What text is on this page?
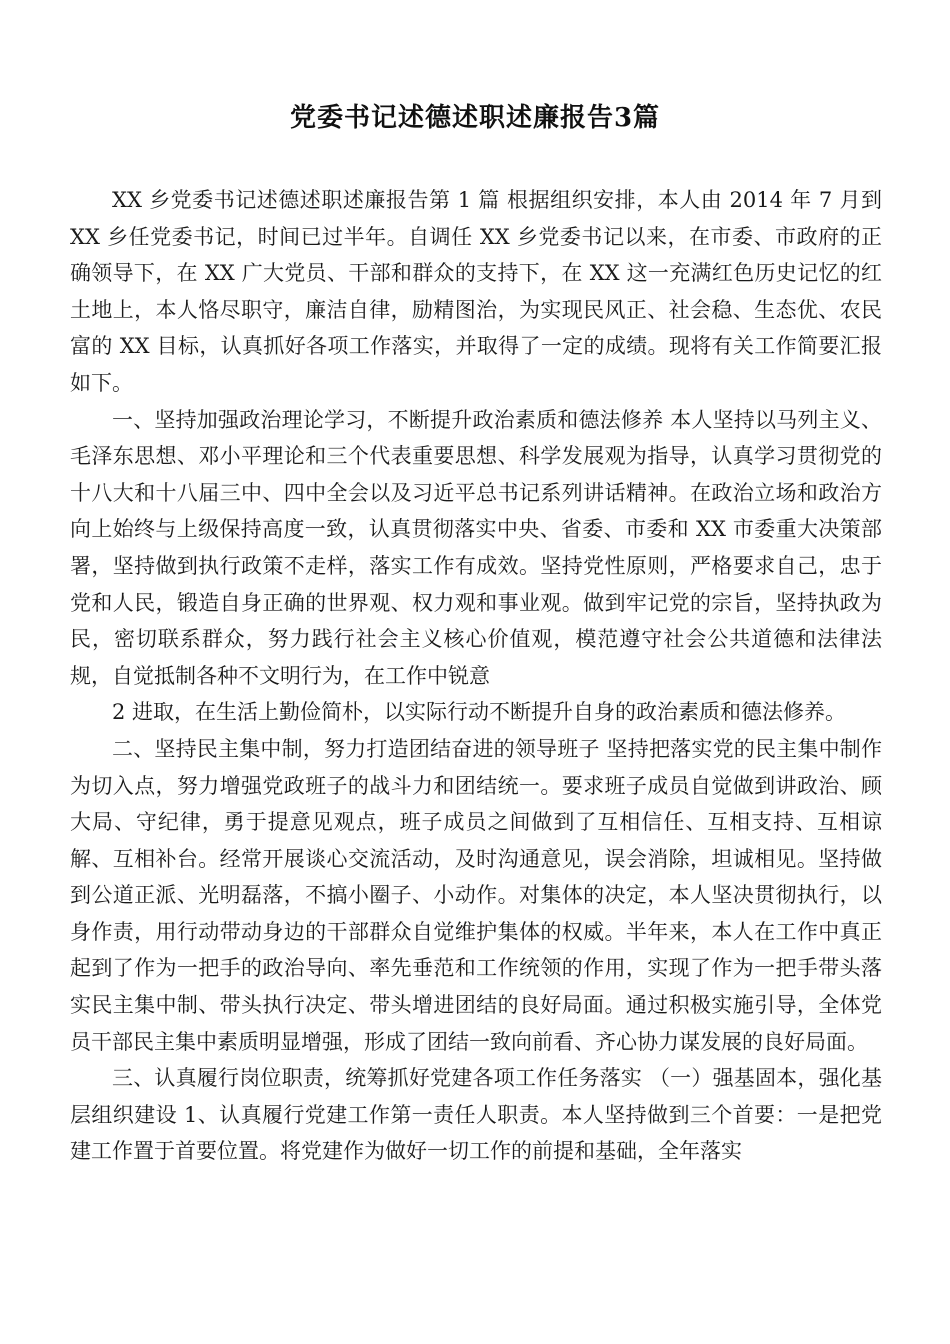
党委书记述德述职述廉报告3篇

XX 乡党委书记述德述职述廉报告第 1 篇 根据组织安排，本人由 2014 年 7 月到 XX 乡任党委书记，时间已过半年。自调任 XX 乡党委书记以来，在市委、市政府的正确领导下，在 XX 广大党员、干部和群众的支持下，在 XX 这一充满红色历史记忆的红土地上，本人恪尽职守，廉洁自律，励精图治，为实现民风正、社会稳、生态优、农民富的 XX 目标，认真抓好各项工作落实，并取得了一定的成绩。现将有关工作简要汇报如下。

一、坚持加强政治理论学习，不断提升政治素质和德法修养 本人坚持以马列主义、毛泽东思想、邓小平理论和三个代表重要思想、科学发展观为指导，认真学习贯彻党的十八大和十八届三中、四中全会以及习近平总书记系列讲话精神。在政治立场和政治方向上始终与上级保持高度一致，认真贯彻落实中央、省委、市委和 XX 市委重大决策部署，坚持做到执行政策不走样，落实工作有成效。坚持党性原则，严格要求自己，忠于党和人民，锻造自身正确的世界观、权力观和事业观。做到牢记党的宗旨，坚持执政为民，密切联系群众，努力践行社会主义核心价值观，模范遵守社会公共道德和法律法规，自觉抵制各种不文明行为，在工作中锐意

2 进取，在生活上勤俭简朴，以实际行动不断提升自身的政治素质和德法修养。

二、坚持民主集中制，努力打造团结奋进的领导班子 坚持把落实党的民主集中制作为切入点，努力增强党政班子的战斗力和团结统一。要求班子成员自觉做到讲政治、顾大局、守纪律，勇于提意见观点，班子成员之间做到了互相信任、互相支持、互相谅解、互相补台。经常开展谈心交流活动，及时沟通意见，误会消除，坦诚相见。坚持做到公道正派、光明磊落，不搞小圈子、小动作。对集体的决定，本人坚决贯彻执行，以身作责，用行动带动身边的干部群众自觉维护集体的权威。半年来，本人在工作中真正起到了作为一把手的政治导向、率先垂范和工作统领的作用，实现了作为一把手带头落实民主集中制、带头执行决定、带头增进团结的良好局面。通过积极实施引导，全体党员干部民主集中素质明显增强，形成了团结一致向前看、齐心协力谋发展的良好局面。

三、认真履行岗位职责，统筹抓好党建各项工作任务落实 （一）强基固本，强化基层组织建设 1、认真履行党建工作第一责任人职责。本人坚持做到三个首要：一是把党建工作置于首要位置。将党建作为做好一切工作的前提和基础，全年落实
